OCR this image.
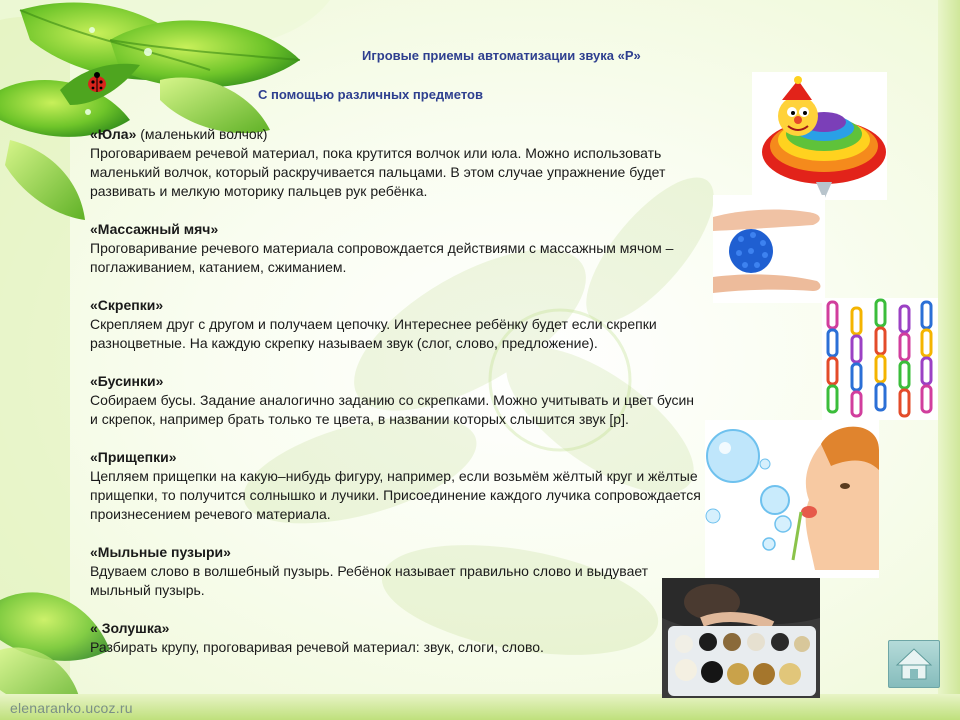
Игровые приемы автоматизации звука «Р»
С помощью различных предметов
«Юла» (маленький волчок)
Проговариваем речевой материал, пока крутится волчок или юла. Можно использовать маленький волчок, который раскручивается пальцами. В этом случае упражнение будет развивать и мелкую моторику пальцев рук ребёнка.
«Массажный мяч»
Проговаривание речевого материала сопровождается действиями с массажным мячом – поглаживанием, катанием, сжиманием.
«Скрепки»
Скрепляем друг с другом и получаем цепочку. Интереснее ребёнку будет если скрепки разноцветные. На каждую скрепку называем звук (слог, слово, предложение).
«Бусинки»
Собираем бусы. Задание аналогично заданию со скрепками. Можно учитывать и цвет бусин и скрепок, например брать только те цвета, в названии которых слышится звук [р].
«Прищепки»
Цепляем прищепки на какую–нибудь фигуру, например, если возьмём жёлтый круг и жёлтые прищепки, то получится солнышко и лучики. Присоединение каждого лучика сопровождается произнесением речевого материала.
«Мыльные пузыри»
Вдуваем слово в волшебный пузырь. Ребёнок называет правильно слово и выдувает мыльный пузырь.
« Золушка»
Разбирать крупу, проговаривая речевой материал: звук, слоги, слово.
elenaranko.ucoz.ru
